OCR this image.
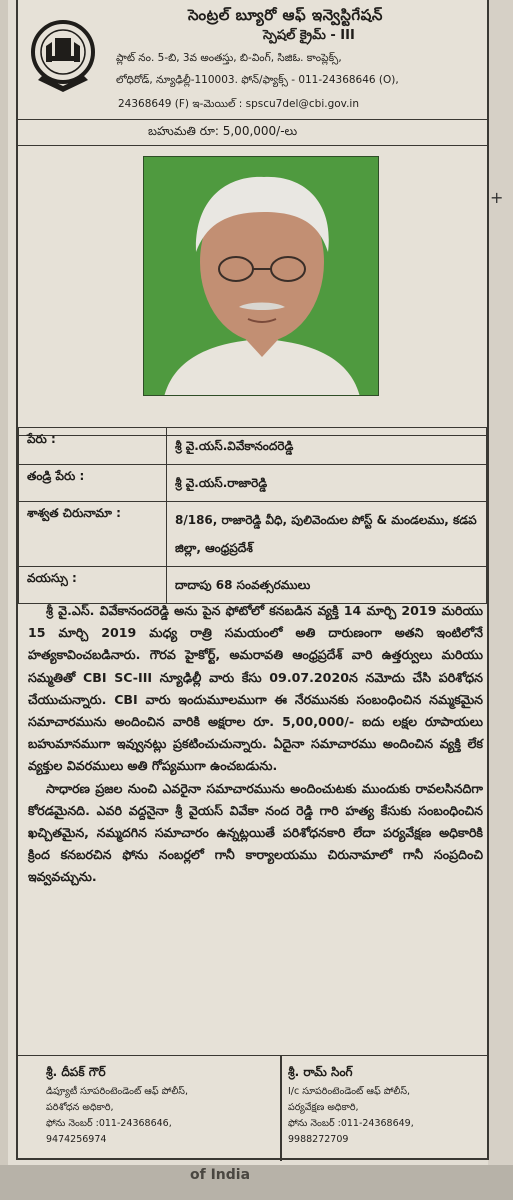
+
సెంట్రల్ బ్యూరో ఆఫ్ ఇన్వెస్టిగేషన్
స్పెషల్ క్రైమ్ - III
ప్లాట్ నం. 5-బి, 3వ అంతస్తు, బి-వింగ్, సిజిఓ. కాంప్లెక్స్,
లోధిరోడ్, న్యూఢిల్లీ-110003. ఫోన్/ఫ్యాక్స్ - 011-24368646 (O),
24368649 (F) ఇ-మెయిల్ : spscu7del@cbi.gov.in
బహుమతి రూ: 5,00,000/-లు
పేరు :	శ్రీ వై.యస్.వివేకానందరెడ్డి
తండ్రి పేరు :	శ్రీ వై.యస్.రాజారెడ్డి
శాశ్వత చిరునామా :	8/186, రాజారెడ్డి వీధి, పులివెందుల పోస్ట్ & మండలము, కడప జిల్లా, ఆంధ్రప్రదేశ్
వయస్సు :	దాదాపు 68 సంవత్సరములు

శ్రీ వై.ఎస్. వివేకానందరెడ్డి అను పైన ఫోటోలో కనబడిన వ్యక్తి 14 మార్చి 2019 మరియు 15 మార్చి 2019 మధ్య రాత్రి సమయంలో అతి దారుణంగా అతని ఇంటిలోనే హత్యకావించబడినారు. గౌరవ హైకోర్ట్, అమరావతి ఆంధ్రప్రదేశ్ వారి ఉత్తర్వులు మరియు సమ్మతితో CBI SC-III న్యూఢిల్లీ వారు కేసు 09.07.2020న నమోదు చేసి పరిశోధన చేయుచున్నారు. CBI వారు ఇందుమూలముగా ఈ నేరమునకు సంబంధించిన నమ్మకమైన సమాచారమును అందించిన వారికి అక్షరాల రూ. 5,00,000/- ఐదు లక్షల రూపాయలు బహుమానముగా ఇవ్వునట్లు ప్రకటించుచున్నారు. ఏదైనా సమాచారము అందించిన వ్యక్తి లేక వ్యక్తుల వివరములు అతి గోప్యముగా ఉంచబడును.

సాధారణ ప్రజల నుంచి ఎవరైనా సమాచారమును అందించుటకు ముందుకు రావలసినదిగా కోరడమైనది. ఎవరి వద్దనైనా శ్రీ వైయస్ వివేకా నంద రెడ్డి గారి హత్య కేసుకు సంబంధించిన ఖచ్చితమైన, నమ్మదగిన సమాచారం ఉన్నట్లయితే పరిశోధనకారి లేదా పర్యవేక్షణ అధికారికి క్రింద కనబరచిన ఫోను నంబర్లలో గానీ కార్యాలయము చిరునామాలో గానీ సంప్రదించి ఇవ్వవచ్చును.

శ్రీ. దీపక్ గౌర్
డిప్యూటీ సూపరింటెండెంట్ ఆఫ్ పోలీస్,
పరిశోధన అధికారి,
ఫోను నెంబర్ :011-24368646,
9474256974
శ్రీ. రామ్ సింగ్
I/c సూపరింటెండెంట్ ఆఫ్ పోలీస్,
పర్యవేక్షణ అధికారి,
ఫోను నెంబర్ :011-24368649,
9988272709
of India
